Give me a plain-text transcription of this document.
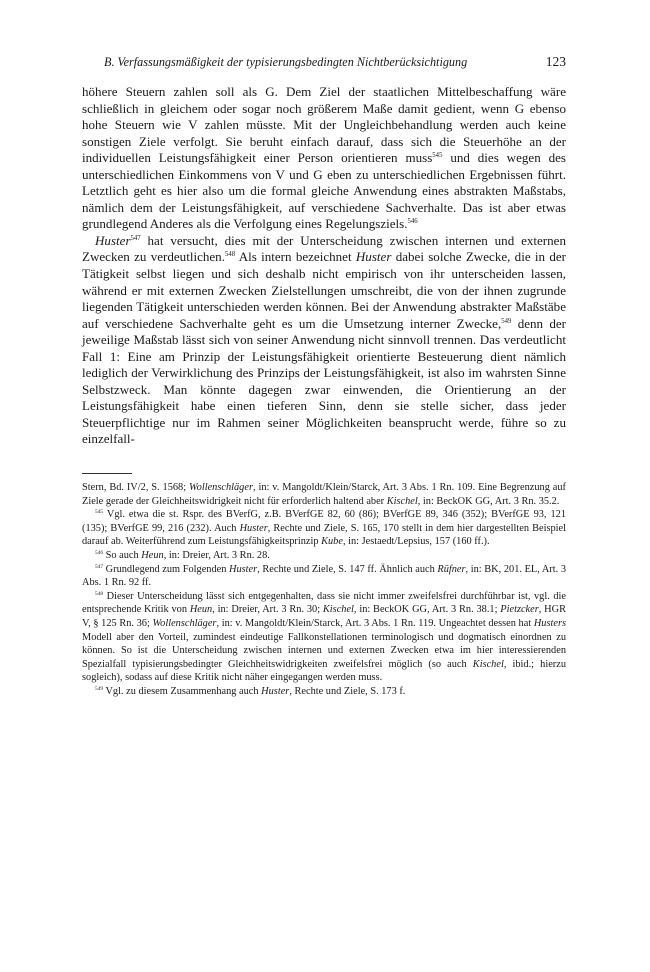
B. Verfassungsmäßigkeit der typisierungsbedingten Nichtberücksichtigung	123

höhere Steuern zahlen soll als G. Dem Ziel der staatlichen Mittelbeschaffung wäre schließlich in gleichem oder sogar noch größerem Maße damit gedient, wenn G ebenso hohe Steuern wie V zahlen müsste. Mit der Ungleichbehandlung werden auch keine sonstigen Ziele verfolgt. Sie beruht einfach darauf, dass sich die Steuerhöhe an der individuellen Leistungsfähigkeit einer Person orientieren muss$^{545}$ und dies wegen des unterschiedlichen Einkommens von V und G eben zu unterschiedlichen Ergebnissen führt. Letztlich geht es hier also um die formal gleiche Anwendung eines abstrakten Maßstabs, nämlich dem der Leistungsfähigkeit, auf verschiedene Sachverhalte. Das ist aber etwas grundlegend Anderes als die Verfolgung eines Regelungsziels.$^{546}$

Huster$^{547}$ hat versucht, dies mit der Unterscheidung zwischen internen und externen Zwecken zu verdeutlichen.$^{548}$ Als intern bezeichnet Huster dabei solche Zwecke, die in der Tätigkeit selbst liegen und sich deshalb nicht empirisch von ihr unterscheiden lassen, während er mit externen Zwecken Zielstellungen umschreibt, die von der ihnen zugrunde liegenden Tätigkeit unterschieden werden können. Bei der Anwendung abstrakter Maßstäbe auf verschiedene Sachverhalte geht es um die Umsetzung interner Zwecke,$^{549}$ denn der jeweilige Maßstab lässt sich von seiner Anwendung nicht sinnvoll trennen. Das verdeutlicht Fall 1: Eine am Prinzip der Leistungsfähigkeit orientierte Besteuerung dient nämlich lediglich der Verwirklichung des Prinzips der Leistungsfähigkeit, ist also im wahrsten Sinne Selbstzweck. Man könnte dagegen zwar einwenden, die Orientierung an der Leistungsfähigkeit habe einen tieferen Sinn, denn sie stelle sicher, dass jeder Steuerpflichtige nur im Rahmen seiner Möglichkeiten beansprucht werde, führe so zu einzelfall-

Stern, Bd. IV/2, S. 1568; Wollenschläger, in: v. Mangoldt/Klein/Starck, Art. 3 Abs. 1 Rn. 109. Eine Begrenzung auf Ziele gerade der Gleichheitswidrigkeit nicht für erforderlich haltend aber Kischel, in: BeckOK GG, Art. 3 Rn. 35.2.

$^{545}$ Vgl. etwa die st. Rspr. des BVerfG, z.B. BVerfGE 82, 60 (86); BVerfGE 89, 346 (352); BVerfGE 93, 121 (135); BVerfGE 99, 216 (232). Auch Huster, Rechte und Ziele, S. 165, 170 stellt in dem hier dargestellten Beispiel darauf ab. Weiterführend zum Leistungsfähigkeitsprinzip Kube, in: Jestaedt/Lepsius, 157 (160 ff.).

$^{546}$ So auch Heun, in: Dreier, Art. 3 Rn. 28.

$^{547}$ Grundlegend zum Folgenden Huster, Rechte und Ziele, S. 147 ff. Ähnlich auch Rüfner, in: BK, 201. EL, Art. 3 Abs. 1 Rn. 92 ff.

$^{548}$ Dieser Unterscheidung lässt sich entgegenhalten, dass sie nicht immer zweifelsfrei durchführbar ist, vgl. die entsprechende Kritik von Heun, in: Dreier, Art. 3 Rn. 30; Kischel, in: BeckOK GG, Art. 3 Rn. 38.1; Pietzcker, HGR V, § 125 Rn. 36; Wollenschläger, in: v. Mangoldt/Klein/Starck, Art. 3 Abs. 1 Rn. 119. Ungeachtet dessen hat Husters Modell aber den Vorteil, zumindest eindeutige Fallkonstellationen terminologisch und dogmatisch einordnen zu können. So ist die Unterscheidung zwischen internen und externen Zwecken etwa im hier interessierenden Spezialfall typisierungsbedingter Gleichheitswidrigkeiten zweifelsfrei möglich (so auch Kischel, ibid.; hierzu sogleich), sodass auf diese Kritik nicht näher eingegangen werden muss.

$^{549}$ Vgl. zu diesem Zusammenhang auch Huster, Rechte und Ziele, S. 173 f.
